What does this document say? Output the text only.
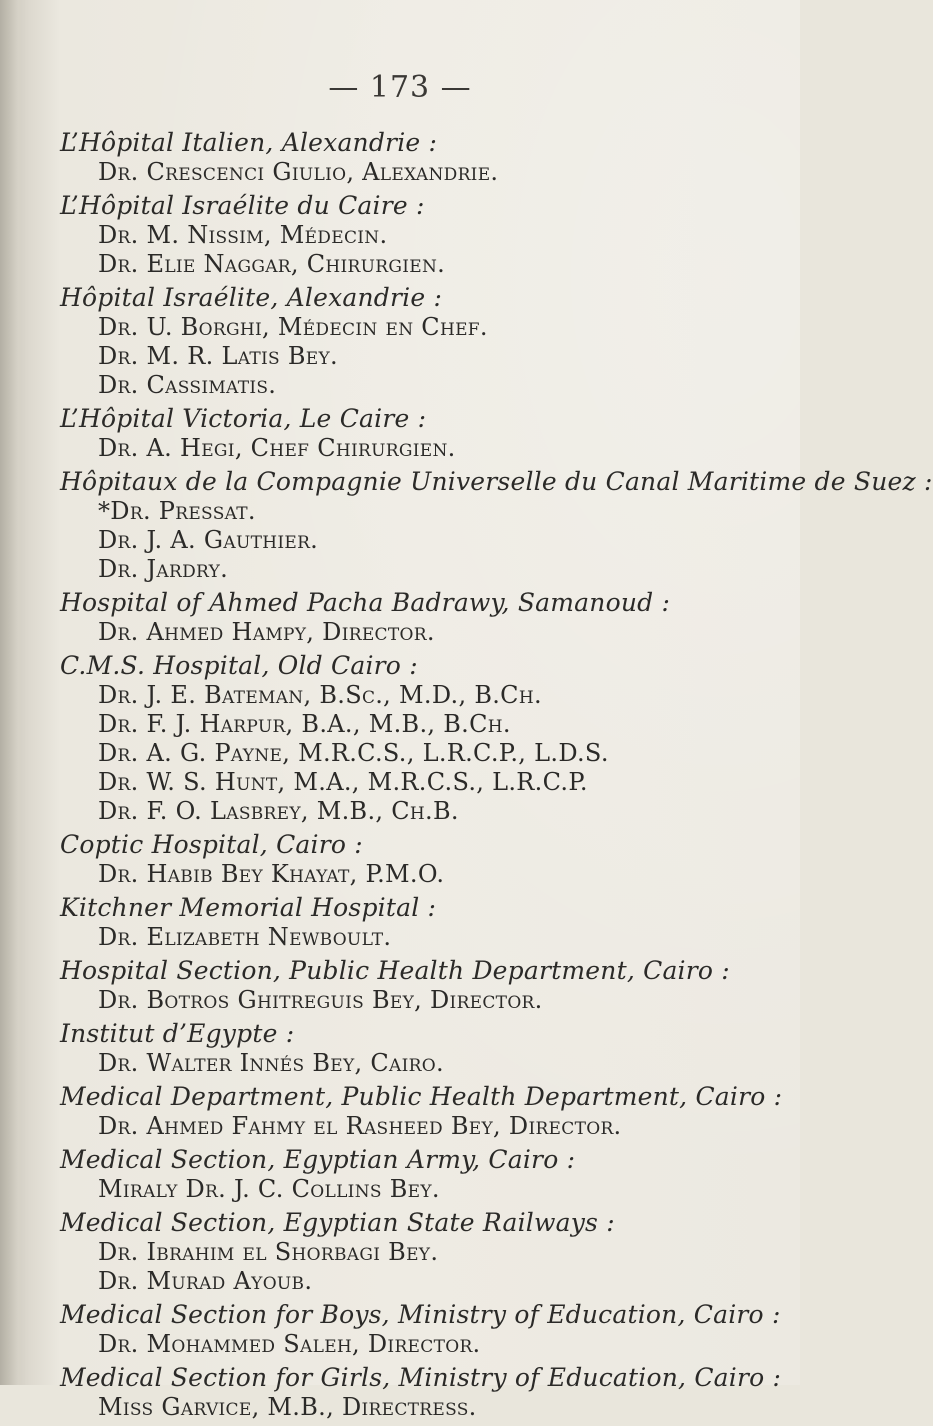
— 173 —

L’Hôpital Italien, Alexandrie :

Dr. Crescenci Giulio, Alexandrie.

L’Hôpital Israélite du Caire :

Dr. M. Nissim, Médecin.
Dr. Elie Naggar, Chirurgien.

Hôpital Israélite, Alexandrie :

Dr. U. Borghi, Médecin en Chef.
Dr. M. R. Latis Bey.
Dr. Cassimatis.

L’Hôpital Victoria, Le Caire :

Dr. A. Hegi, Chef Chirurgien.

Hôpitaux de la Compagnie Universelle du Canal Maritime de Suez :

*Dr. Pressat.
Dr. J. A. Gauthier.
Dr. Jardry.

Hospital of Ahmed Pacha Badrawy, Samanoud :

Dr. Ahmed Hampy, Director.

C.M.S. Hospital, Old Cairo :

Dr. J. E. Bateman, B.Sc., M.D., B.Ch.
Dr. F. J. Harpur, B.A., M.B., B.Ch.
Dr. A. G. Payne, M.R.C.S., L.R.C.P., L.D.S.
Dr. W. S. Hunt, M.A., M.R.C.S., L.R.C.P.
Dr. F. O. Lasbrey, M.B., Ch.B.

Coptic Hospital, Cairo :

Dr. Habib Bey Khayat, P.M.O.

Kitchner Memorial Hospital :

Dr. Elizabeth Newboult.

Hospital Section, Public Health Department, Cairo :

Dr. Botros Ghitreguis Bey, Director.

Institut d’Egypte :

Dr. Walter Innés Bey, Cairo.

Medical Department, Public Health Department, Cairo :

Dr. Ahmed Fahmy el Rasheed Bey, Director.

Medical Section, Egyptian Army, Cairo :

Miraly Dr. J. C. Collins Bey.

Medical Section, Egyptian State Railways :

Dr. Ibrahim el Shorbagi Bey.
Dr. Murad Ayoub.

Medical Section for Boys, Ministry of Education, Cairo :

Dr. Mohammed Saleh, Director.

Medical Section for Girls, Ministry of Education, Cairo :

Miss Garvice, M.B., Directress.
